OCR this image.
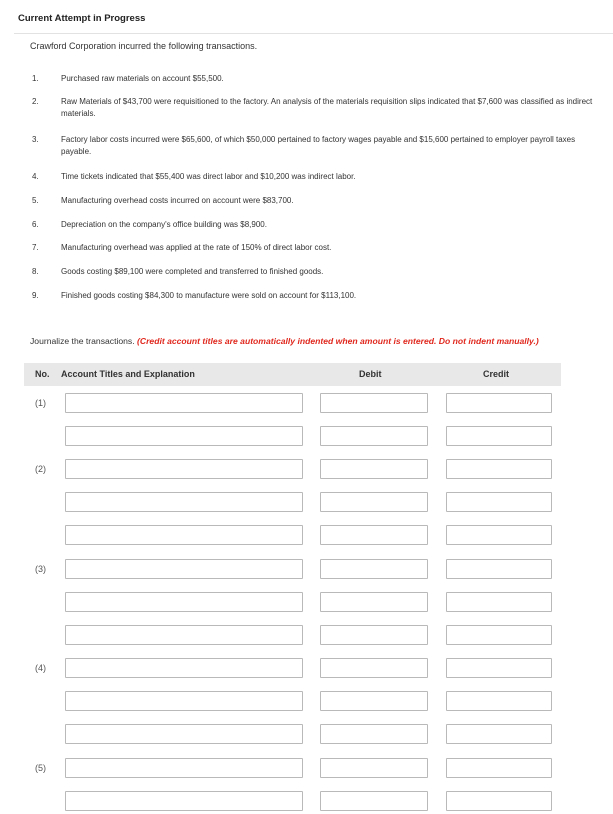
Current Attempt in Progress
Crawford Corporation incurred the following transactions.
1.	Purchased raw materials on account $55,500.
2.	Raw Materials of $43,700 were requisitioned to the factory. An analysis of the materials requisition slips indicated that $7,600 was classified as indirect materials.
3.	Factory labor costs incurred were $65,600, of which $50,000 pertained to factory wages payable and $15,600 pertained to employer payroll taxes payable.
4.	Time tickets indicated that $55,400 was direct labor and $10,200 was indirect labor.
5.	Manufacturing overhead costs incurred on account were $83,700.
6.	Depreciation on the company's office building was $8,900.
7.	Manufacturing overhead was applied at the rate of 150% of direct labor cost.
8.	Goods costing $89,100 were completed and transferred to finished goods.
9.	Finished goods costing $84,300 to manufacture were sold on account for $113,100.
Journalize the transactions. (Credit account titles are automatically indented when amount is entered. Do not indent manually.)
No. Account Titles and Explanation	Debit	Credit
(1)
(2)
(3)
(4)
(5)
